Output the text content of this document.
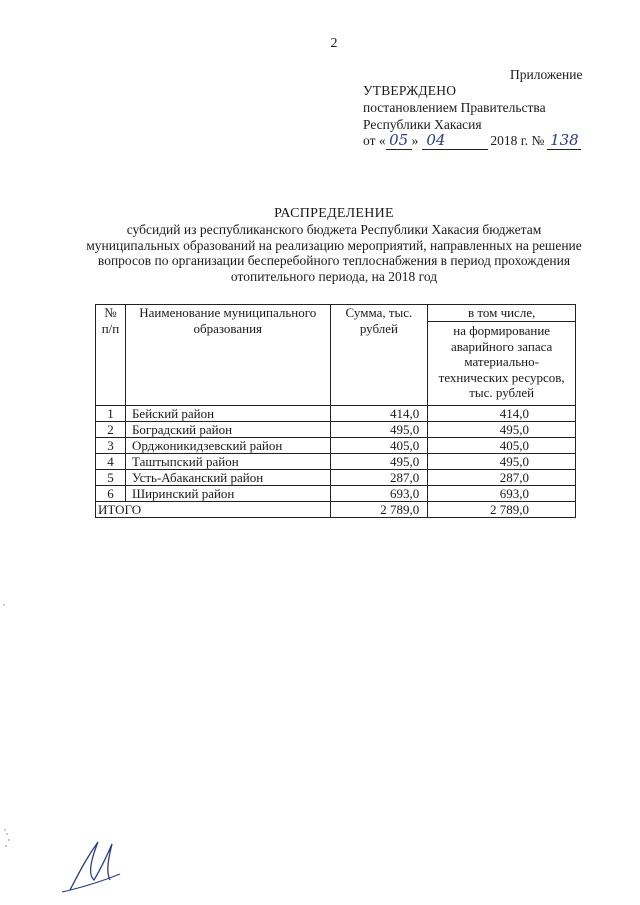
2
Приложение
УТВЕРЖДЕНО
постановлением Правительства
Республики Хакасия
от « 05 » 04	2018 г. № 138
РАСПРЕДЕЛЕНИЕ
субсидий из республиканского бюджета Республики Хакасия бюджетам муниципальных образований на реализацию мероприятий, направленных на решение вопросов по организации бесперебойного теплоснабжения в период прохождения отопительного периода, на 2018 год
№ п/п	Наименование муниципального образования	Сумма, тыс. рублей	в том числе,
			на формирование аварийного запаса материально-технических ресурсов, тыс. рублей
1	Бейский район	414,0	414,0
2	Боградский район	495,0	495,0
3	Орджоникидзевский район	405,0	405,0
4	Таштыпский район	495,0	495,0
5	Усть-Абаканский район	287,0	287,0
6	Ширинский район	693,0	693,0
ИТОГО		2 789,0	2 789,0
